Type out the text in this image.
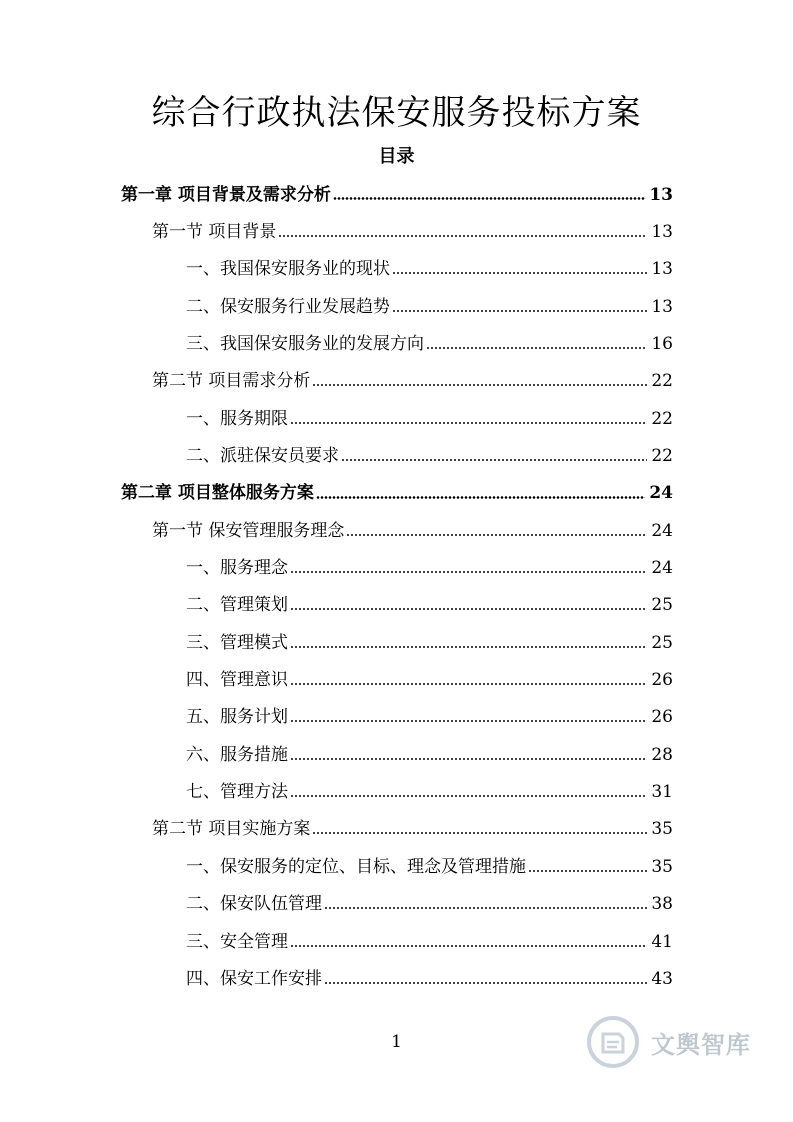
综合行政执法保安服务投标方案
目录
第一章 项目背景及需求分析	13
第一节 项目背景	13
一、我国保安服务业的现状	13
二、保安服务行业发展趋势	13
三、我国保安服务业的发展方向	16
第二节 项目需求分析	22
一、服务期限	22
二、派驻保安员要求	22
第二章 项目整体服务方案	24
第一节 保安管理服务理念	24
一、服务理念	24
二、管理策划	25
三、管理模式	25
四、管理意识	26
五、服务计划	26
六、服务措施	28
七、管理方法	31
第二节 项目实施方案	35
一、保安服务的定位、目标、理念及管理措施	35
二、保安队伍管理	38
三、安全管理	41
四、保安工作安排	43
1	文舆智库
